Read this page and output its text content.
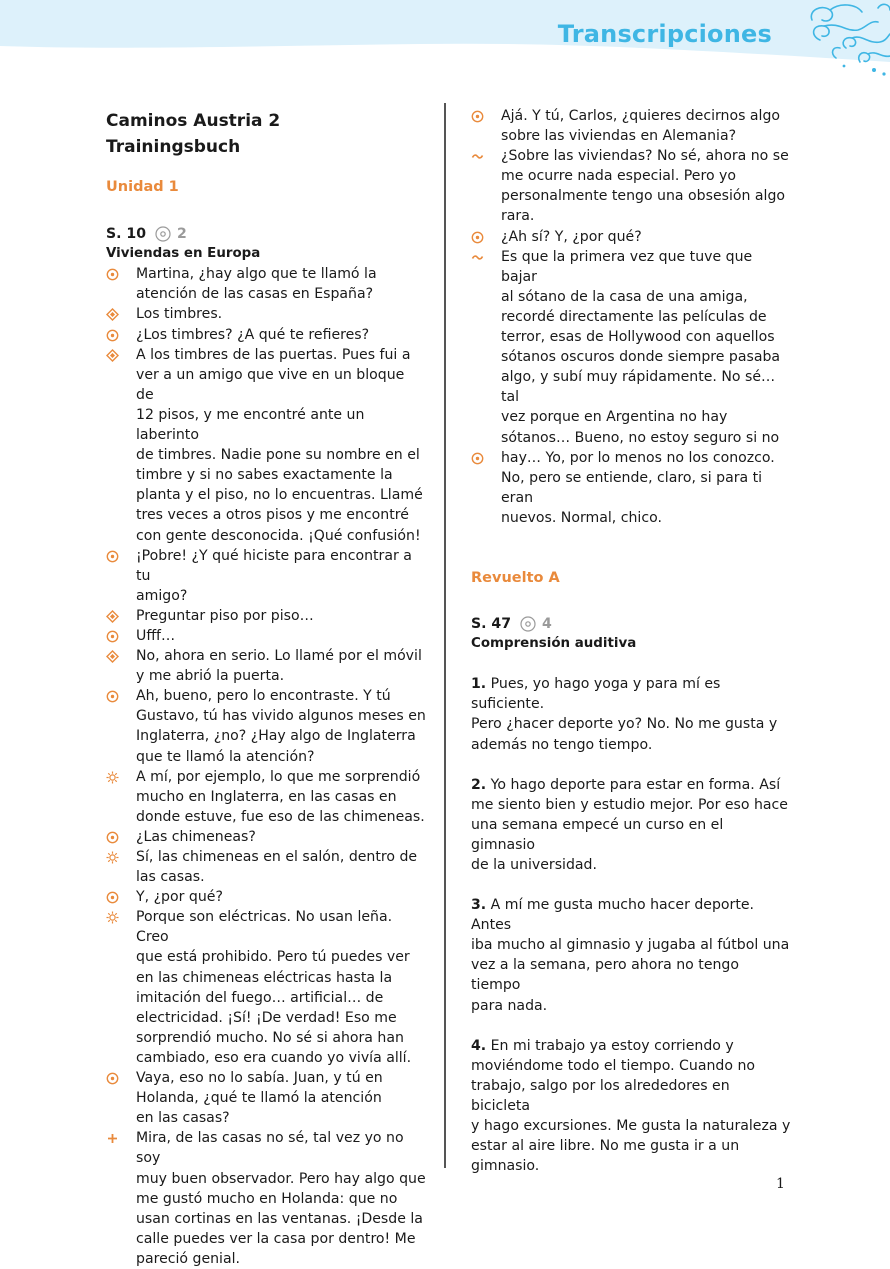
Transcripciones

Caminos Austria 2

Trainingsbuch

Unidad 1

S. 10 2

Viviendas en Europa

Martina, ¿hay algo que te llamó la
atención de las casas en España?
Los timbres.
¿Los timbres? ¿A qué te refieres?
A los timbres de las puertas. Pues fui a
ver a un amigo que vive en un bloque de
12 pisos, y me encontré ante un laberinto
de timbres. Nadie pone su nombre en el
timbre y si no sabes exactamente la
planta y el piso, no lo encuentras. Llamé
tres veces a otros pisos y me encontré
con gente desconocida. ¡Qué confusión!
¡Pobre! ¿Y qué hiciste para encontrar a tu
amigo?
Preguntar piso por piso…
Ufff…
No, ahora en serio. Lo llamé por el móvil
y me abrió la puerta.
Ah, bueno, pero lo encontraste. Y tú
Gustavo, tú has vivido algunos meses en
Inglaterra, ¿no? ¿Hay algo de Inglaterra
que te llamó la atención?
A mí, por ejemplo, lo que me sorprendió
mucho en Inglaterra, en las casas en
donde estuve, fue eso de las chimeneas.
¿Las chimeneas?
Sí, las chimeneas en el salón, dentro de
las casas.
Y, ¿por qué?
Porque son eléctricas. No usan leña. Creo
que está prohibido. Pero tú puedes ver
en las chimeneas eléctricas hasta la
imitación del fuego… artificial… de
electricidad. ¡Sí! ¡De verdad! Eso me
sorprendió mucho. No sé si ahora han
cambiado, eso era cuando yo vivía allí.
Vaya, eso no lo sabía. Juan, y tú en
Holanda, ¿qué te llamó la atención
en las casas?
Mira, de las casas no sé, tal vez yo no soy
muy buen observador. Pero hay algo que
me gustó mucho en Holanda: que no
usan cortinas en las ventanas. ¡Desde la
calle puedes ver la casa por dentro! Me
pareció genial.
Ajá. Y tú, Carlos, ¿quieres decirnos algo
sobre las viviendas en Alemania?
¿Sobre las viviendas? No sé, ahora no se
me ocurre nada especial. Pero yo
personalmente tengo una obsesión algo
rara.
¿Ah sí? Y, ¿por qué?
Es que la primera vez que tuve que bajar
al sótano de la casa de una amiga,
recordé directamente las películas de
terror, esas de Hollywood con aquellos
sótanos oscuros donde siempre pasaba
algo, y subí muy rápidamente. No sé… tal
vez porque en Argentina no hay
sótanos… Bueno, no estoy seguro si no
hay… Yo, por lo menos no los conozco.
No, pero se entiende, claro, si para ti eran
nuevos. Normal, chico.

Revuelto A

S. 47 4

Comprensión auditiva

1. Pues, yo hago yoga y para mí es suficiente.
Pero ¿hacer deporte yo? No. No me gusta y
además no tengo tiempo.
2. Yo hago deporte para estar en forma. Así
me siento bien y estudio mejor. Por eso hace
una semana empecé un curso en el gimnasio
de la universidad.
3. A mí me gusta mucho hacer deporte. Antes
iba mucho al gimnasio y jugaba al fútbol una
vez a la semana, pero ahora no tengo tiempo
para nada.
4. En mi trabajo ya estoy corriendo y
moviéndome todo el tiempo. Cuando no
trabajo, salgo por los alrededores en bicicleta
y hago excursiones. Me gusta la naturaleza y
estar al aire libre. No me gusta ir a un
gimnasio.
1
